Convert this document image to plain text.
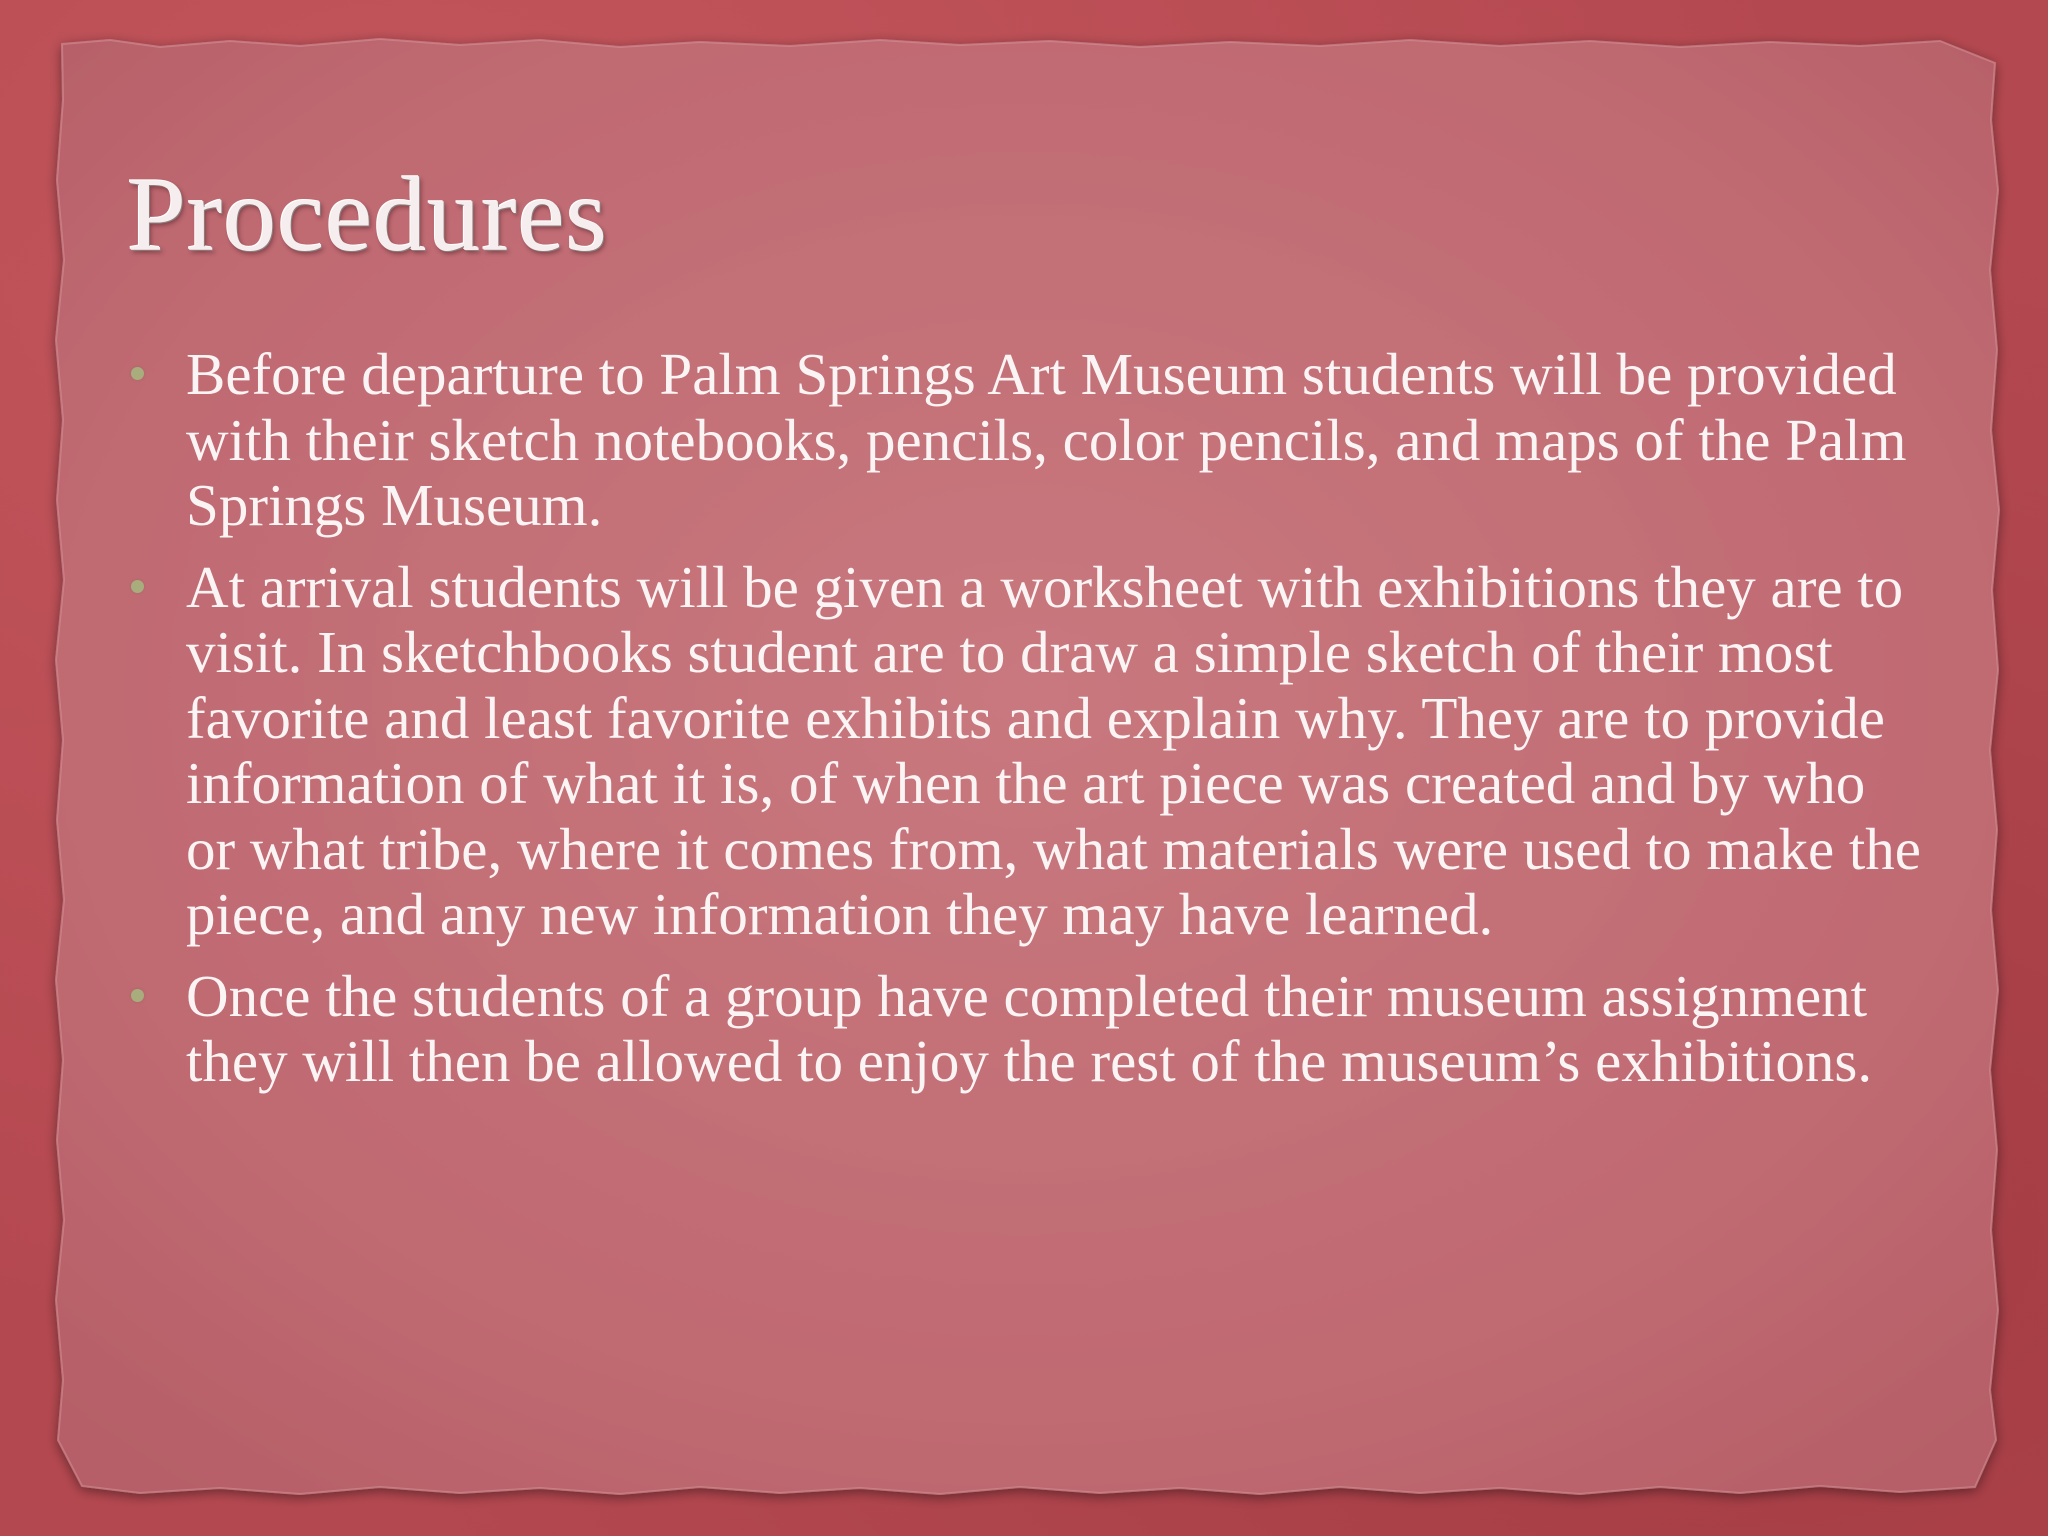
Procedures
Before departure to Palm Springs Art Museum students will be provided with their sketch notebooks, pencils, color pencils, and maps of the Palm Springs Museum.
At arrival students will be given a worksheet with exhibitions they are to visit. In sketchbooks student are to draw a simple sketch of their most favorite and least favorite exhibits and explain why. They are to provide information of what it is, of when the art piece was created and by who or what tribe, where it comes from, what materials were used to make the piece, and any new information they may have learned.
Once the students of a group have completed their museum assignment they will then be allowed to enjoy the rest of the museum’s exhibitions.
